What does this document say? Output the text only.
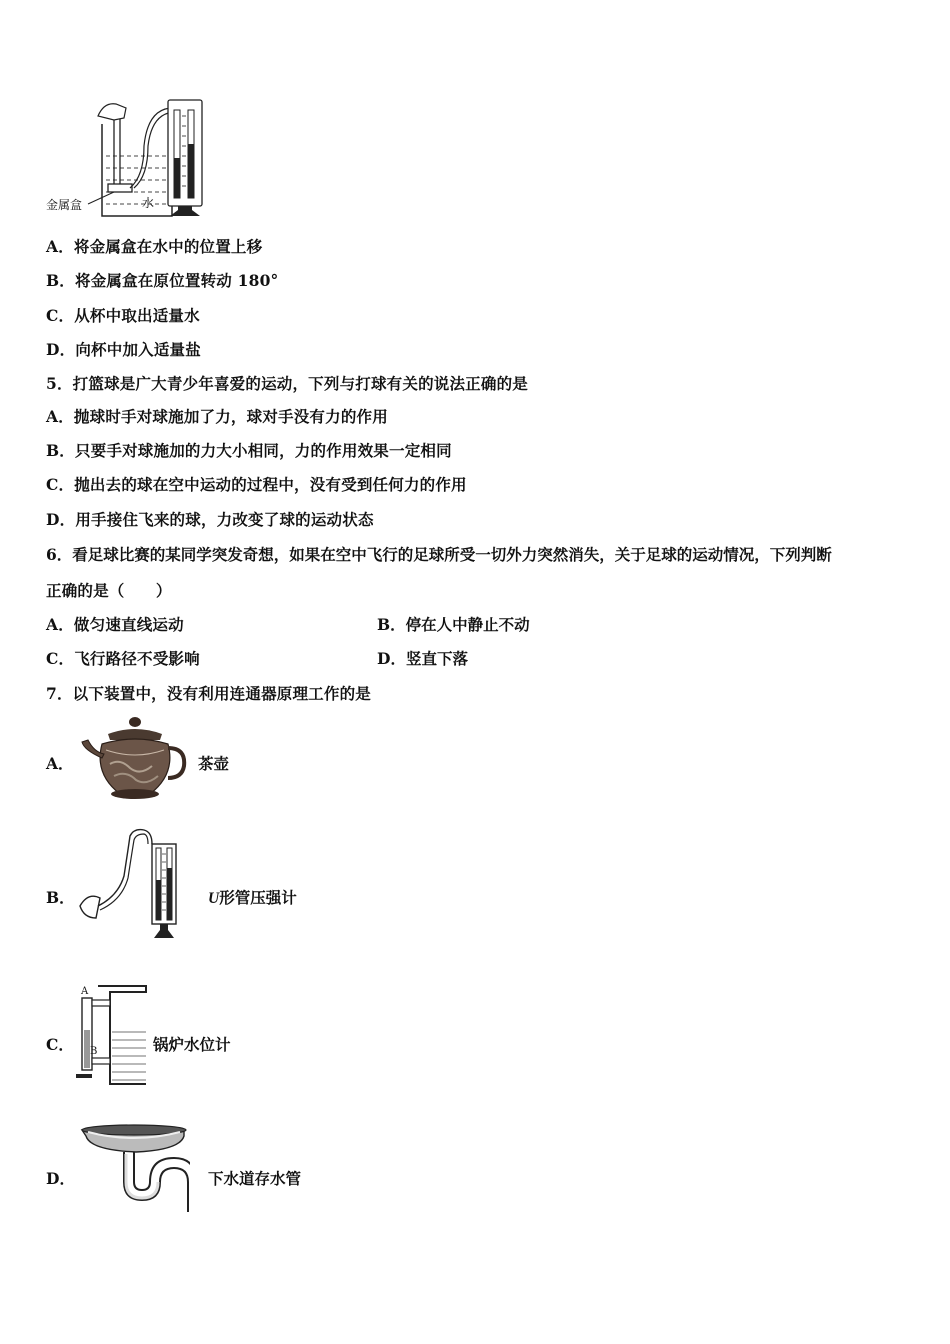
金属盒	水
A．将金属盒在水中的位置上移
B．将金属盒在原位置转动 180°
C．从杯中取出适量水
D．向杯中加入适量盐
5．打篮球是广大青少年喜爱的运动，下列与打球有关的说法正确的是
A．抛球时手对球施加了力，球对手没有力的作用
B．只要手对球施加的力大小相同，力的作用效果一定相同
C．抛出去的球在空中运动的过程中，没有受到任何力的作用
D．用手接住飞来的球，力改变了球的运动状态
6．看足球比赛的某同学突发奇想，如果在空中飞行的足球所受一切外力突然消失，关于足球的运动情况，下列判断
正确的是（　　）
A．做匀速直线运动	B．停在人中静止不动
C．飞行路径不受影响	D．竖直下落
7．以下装置中，没有利用连通器原理工作的是
A．	茶壶
B．	U形管压强计
C．
A
B	锅炉水位计
D．	下水道存水管
